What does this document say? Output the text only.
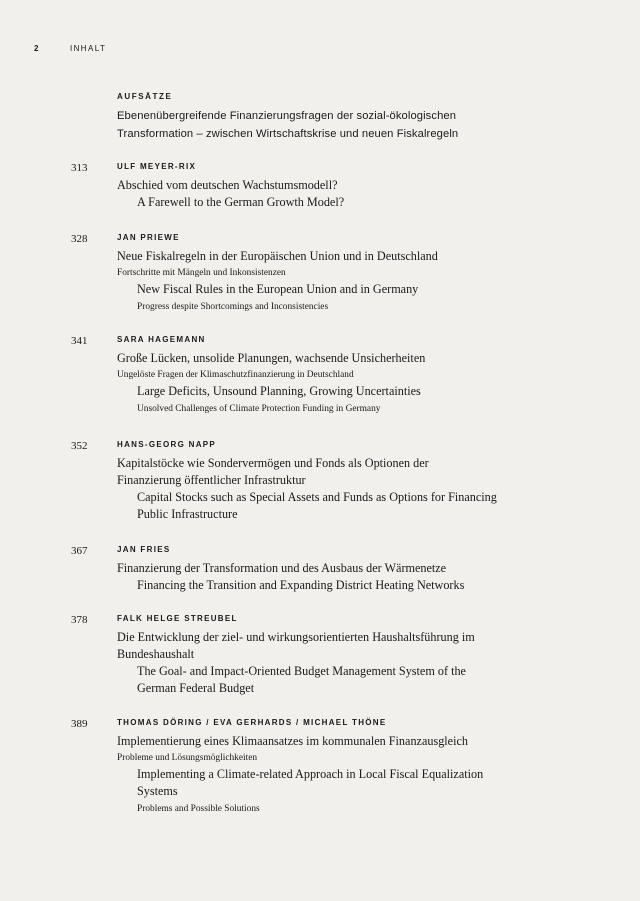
2	INHALT
AUFSÄTZE

Ebenenübergreifende Finanzierungsfragen der sozial-ökologischen

Transformation – zwischen Wirtschaftskrise und neuen Fiskalregeln

313	ULF MEYER-RIX

Abschied vom deutschen Wachstumsmodell?

A Farewell to the German Growth Model?

328	JAN PRIEWE

Neue Fiskalregeln in der Europäischen Union und in Deutschland

Fortschritte mit Mängeln und Inkonsistenzen

New Fiscal Rules in the European Union and in Germany

Progress despite Shortcomings and Inconsistencies

341	SARA HAGEMANN

Große Lücken, unsolide Planungen, wachsende Unsicherheiten

Ungelöste Fragen der Klimaschutzfinanzierung in Deutschland

Large Deficits, Unsound Planning, Growing Uncertainties

Unsolved Challenges of Climate Protection Funding in Germany

352	HANS-GEORG NAPP

Kapitalstöcke wie Sondervermögen und Fonds als Optionen der

Finanzierung öffentlicher Infrastruktur

Capital Stocks such as Special Assets and Funds as Options for Financing

Public Infrastructure

367	JAN FRIES

Finanzierung der Transformation und des Ausbaus der Wärmenetze

Financing the Transition and Expanding District Heating Networks

378	FALK HELGE STREUBEL

Die Entwicklung der ziel- und wirkungsorientierten Haushaltsführung im

Bundeshaushalt

The Goal- and Impact-Oriented Budget Management System of the

German Federal Budget

389	THOMAS DÖRING / EVA GERHARDS / MICHAEL THÖNE

Implementierung eines Klimaansatzes im kommunalen Finanzausgleich

Probleme und Lösungsmöglichkeiten

Implementing a Climate-related Approach in Local Fiscal Equalization

Systems

Problems and Possible Solutions
